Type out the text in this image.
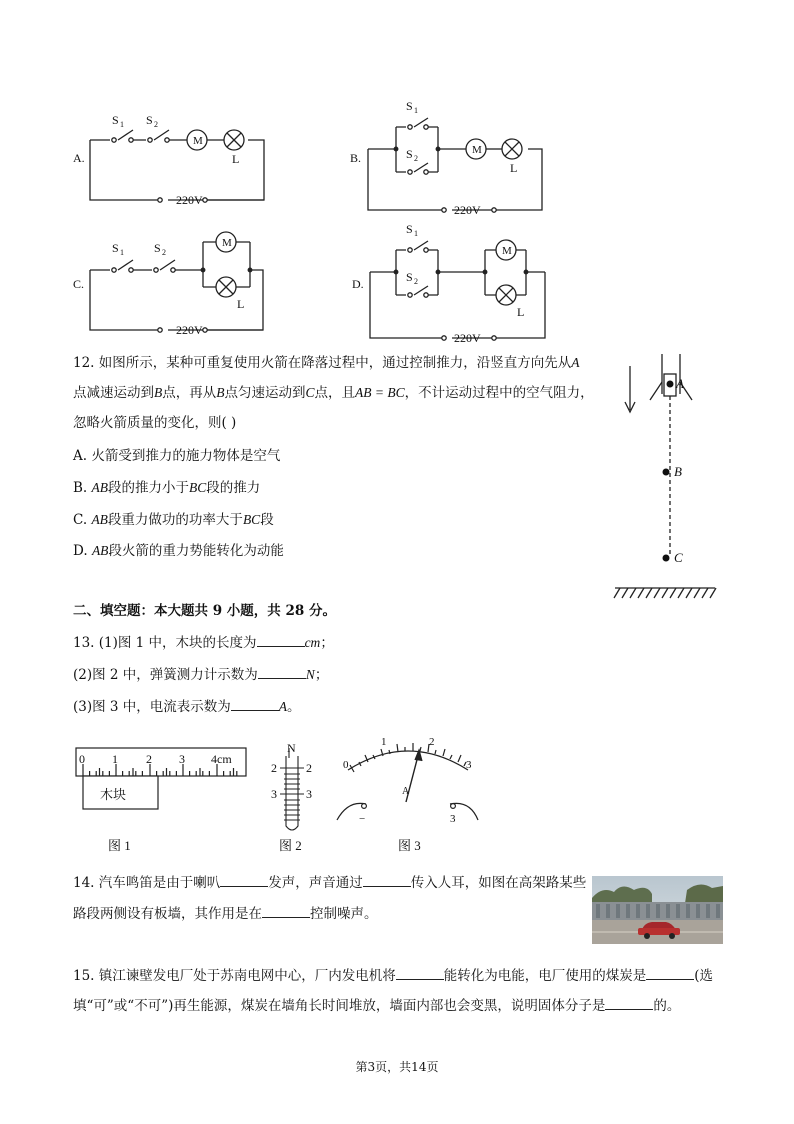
A.	B.
C.	D.
S 1 S 2
M
L
220V
S 1
S 2
M
L
220V
S 1	S 2
M
L
220V
S 1
S 2
M
L
220V
12. 如图所示，某种可重复使用火箭在降落过程中，通过控制推力，沿竖直方向先从A
点减速运动到B点，再从B点匀速运动到C点，且AB = BC，不计运动过程中的空气阻力，
忽略火箭质量的变化，则( )
A. 火箭受到推力的施力物体是空气
B. AB段的推力小于BC段的推力
C. AB段重力做功的功率大于BC段
D. AB段火箭的重力势能转化为动能
A
B
C
二、填空题：本大题共 9 小题，共 28 分。
13. (1)图 1 中，木块的长度为	cm；
(2)图 2 中，弹簧测力计示数为	N；
(3)图 3 中，电流表示数为	A。
0 1 2 3 4cm
木块
N
2 2
3 3
0
1	2
3
A
−	3
图 1	图 2	图 3
14. 汽车鸣笛是由于喇叭	发声，声音通过	传入人耳，如图在高架路某些
路段两侧设有板墙，其作用是在	控制噪声。
15. 镇江谏壁发电厂处于苏南电网中心，厂内发电机将	能转化为电能，电厂使用的煤炭是	(选
填“可”或“不可”)再生能源，煤炭在墙角长时间堆放，墙面内部也会变黑，说明固体分子是	的。
第3页，共14页
